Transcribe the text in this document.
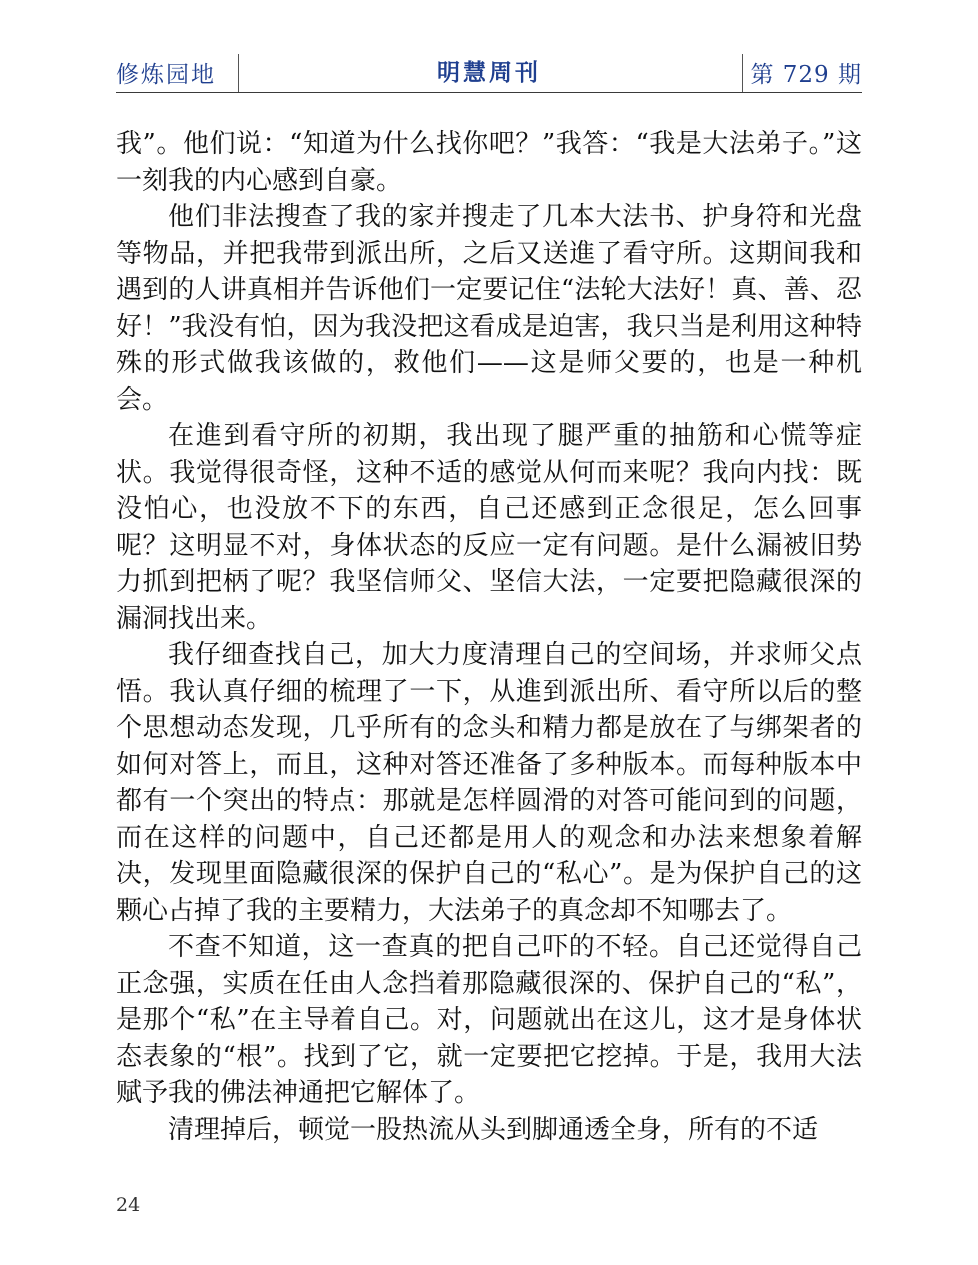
修炼园地	明慧周刊	第 729 期

我”。他们说：“知道为什么找你吧？”我答：“我是大法弟子。”这一刻我的内心感到自豪。

他们非法搜查了我的家并搜走了几本大法书、护身符和光盘等物品，并把我带到派出所，之后又送進了看守所。这期间我和遇到的人讲真相并告诉他们一定要记住“法轮大法好！真、善、忍好！”我没有怕，因为我没把这看成是迫害，我只当是利用这种特殊的形式做我该做的，救他们——这是师父要的，也是一种机会。

在進到看守所的初期，我出现了腿严重的抽筋和心慌等症状。我觉得很奇怪，这种不适的感觉从何而来呢？我向内找：既没怕心，也没放不下的东西，自己还感到正念很足，怎么回事呢？这明显不对，身体状态的反应一定有问题。是什么漏被旧势力抓到把柄了呢？我坚信师父、坚信大法，一定要把隐藏很深的漏洞找出来。

我仔细查找自己，加大力度清理自己的空间场，并求师父点悟。我认真仔细的梳理了一下，从進到派出所、看守所以后的整个思想动态发现，几乎所有的念头和精力都是放在了与绑架者的如何对答上，而且，这种对答还准备了多种版本。而每种版本中都有一个突出的特点：那就是怎样圆滑的对答可能问到的问题，而在这样的问题中，自己还都是用人的观念和办法来想象着解决，发现里面隐藏很深的保护自己的“私心”。是为保护自己的这颗心占掉了我的主要精力，大法弟子的真念却不知哪去了。

不查不知道，这一查真的把自己吓的不轻。自己还觉得自己正念强，实质在任由人念挡着那隐藏很深的、保护自己的“私”，是那个“私”在主导着自己。对，问题就出在这儿，这才是身体状态表象的“根”。找到了它，就一定要把它挖掉。于是，我用大法赋予我的佛法神通把它解体了。

清理掉后，顿觉一股热流从头到脚通透全身，所有的不适

24
